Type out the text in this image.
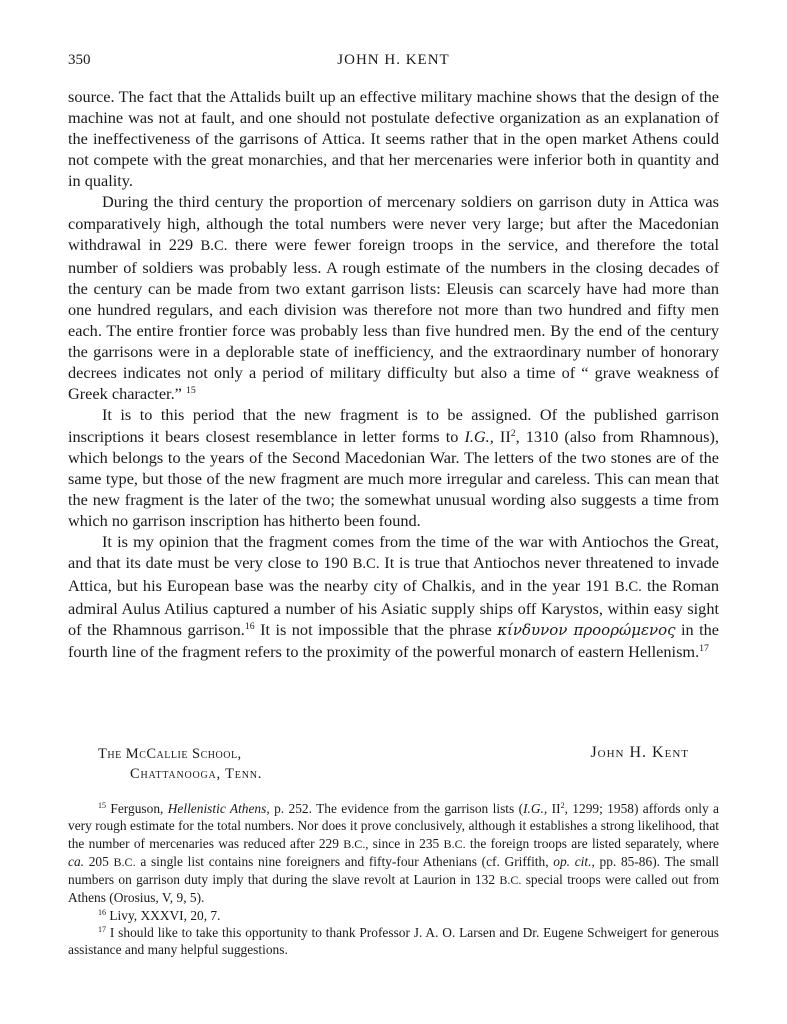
350	JOHN H. KENT

source. The fact that the Attalids built up an effective military machine shows that the design of the machine was not at fault, and one should not postulate defective organization as an explanation of the ineffectiveness of the garrisons of Attica. It seems rather that in the open market Athens could not compete with the great monarchies, and that her mercenaries were inferior both in quantity and in quality.

During the third century the proportion of mercenary soldiers on garrison duty in Attica was comparatively high, although the total numbers were never very large; but after the Macedonian withdrawal in 229 B.C. there were fewer foreign troops in the service, and therefore the total number of soldiers was probably less. A rough estimate of the numbers in the closing decades of the century can be made from two extant garrison lists: Eleusis can scarcely have had more than one hundred regulars, and each division was therefore not more than two hundred and fifty men each. The entire frontier force was probably less than five hundred men. By the end of the century the garrisons were in a deplorable state of inefficiency, and the extraordinary number of honorary decrees indicates not only a period of military difficulty but also a time of “ grave weakness of Greek character.” $^{15}$

It is to this period that the new fragment is to be assigned. Of the published garrison inscriptions it bears closest resemblance in letter forms to I.G., $II^2$, 1310 (also from Rhamnous), which belongs to the years of the Second Macedonian War. The letters of the two stones are of the same type, but those of the new fragment are much more irregular and careless. This can mean that the new fragment is the later of the two; the somewhat unusual wording also suggests a time from which no garrison inscription has hitherto been found.

It is my opinion that the fragment comes from the time of the war with Antiochos the Great, and that its date must be very close to 190 B.C. It is true that Antiochos never threatened to invade Attica, but his European base was the nearby city of Chalkis, and in the year 191 B.C. the Roman admiral Aulus Atilius captured a number of his Asiatic supply ships off Karystos, within easy sight of the Rhamnous garrison.$^{16}$ It is not impossible that the phrase κίνδυνον προορώμενος in the fourth line of the fragment refers to the proximity of the powerful monarch of eastern Hellenism.$^{17}$

The McCallie School,
Chattanooga, Tenn.
John H. Kent

$^{15}$ Ferguson, Hellenistic Athens, p. 252. The evidence from the garrison lists (I.G., $II^2$, 1299; 1958) affords only a very rough estimate for the total numbers. Nor does it prove conclusively, although it establishes a strong likelihood, that the number of mercenaries was reduced after 229 B.C., since in 235 B.C. the foreign troops are listed separately, where ca. 205 B.C. a single list contains nine foreigners and fifty-four Athenians (cf. Griffith, op. cit., pp. 85-86). The small numbers on garrison duty imply that during the slave revolt at Laurion in 132 B.C. special troops were called out from Athens (Orosius, V, 9, 5).

$^{16}$ Livy, XXXVI, 20, 7.

$^{17}$ I should like to take this opportunity to thank Professor J. A. O. Larsen and Dr. Eugene Schweigert for generous assistance and many helpful suggestions.
